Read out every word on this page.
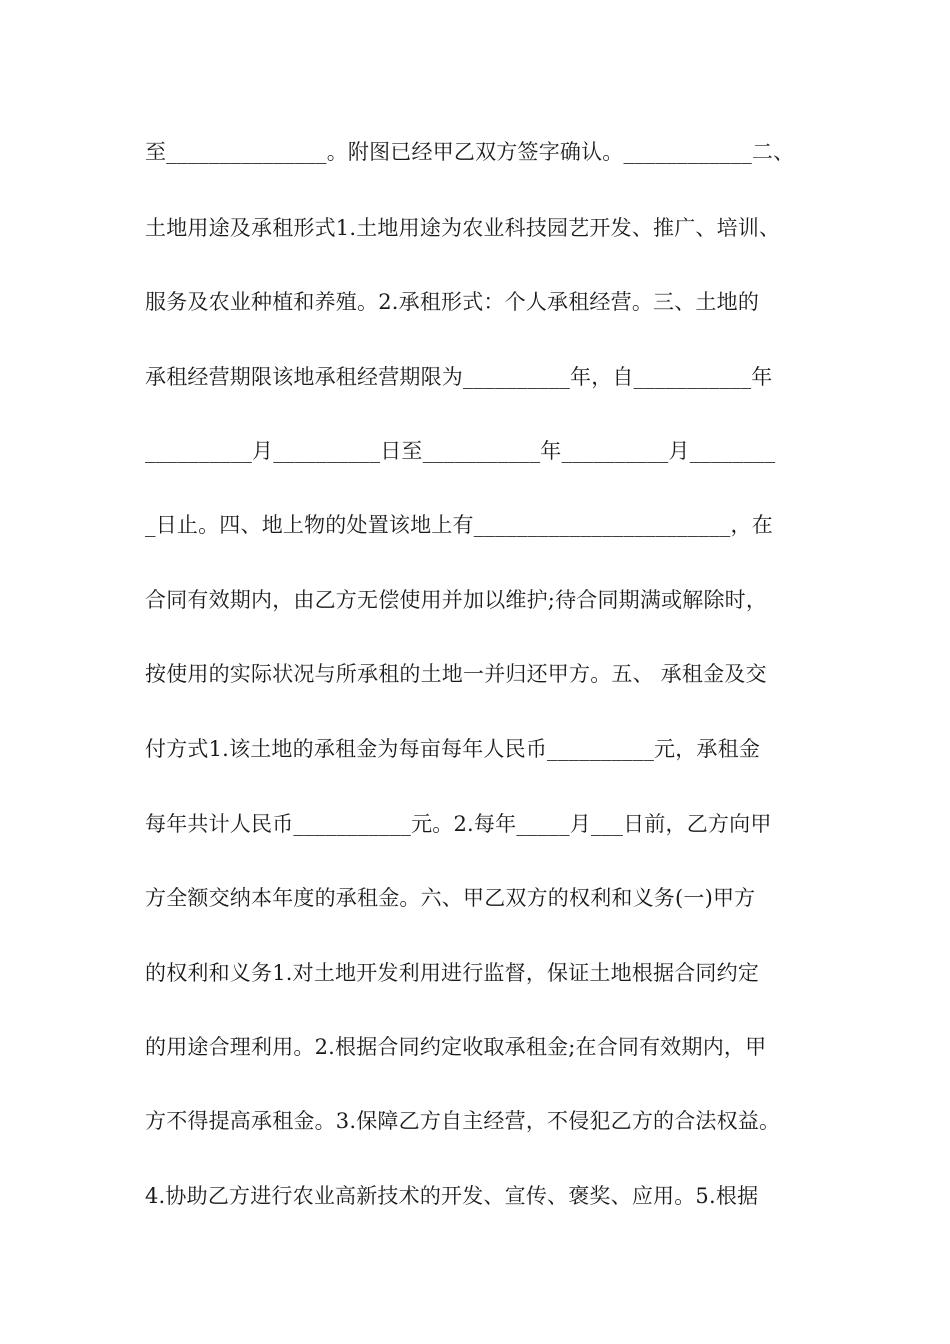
至_______________。附图已经甲乙双方签字确认。____________二、
土地用途及承租形式1.土地用途为农业科技园艺开发、推广、培训、
服务及农业种植和养殖。2.承租形式：个人承租经营。三、土地的
承租经营期限该地承租经营期限为__________年，自___________年
__________月__________日至___________年__________月________
_日止。四、地上物的处置该地上有________________________，在
合同有效期内，由乙方无偿使用并加以维护;待合同期满或解除时，
按使用的实际状况与所承租的土地一并归还甲方。五、 承租金及交
付方式1.该土地的承租金为每亩每年人民币__________元，承租金
每年共计人民币___________元。2.每年_____月___日前，乙方向甲
方全额交纳本年度的承租金。六、甲乙双方的权利和义务(一)甲方
的权利和义务1.对土地开发利用进行监督，保证土地根据合同约定
的用途合理利用。2.根据合同约定收取承租金;在合同有效期内，甲
方不得提高承租金。3.保障乙方自主经营，不侵犯乙方的合法权益。
4.协助乙方进行农业高新技术的开发、宣传、褒奖、应用。5.根据
